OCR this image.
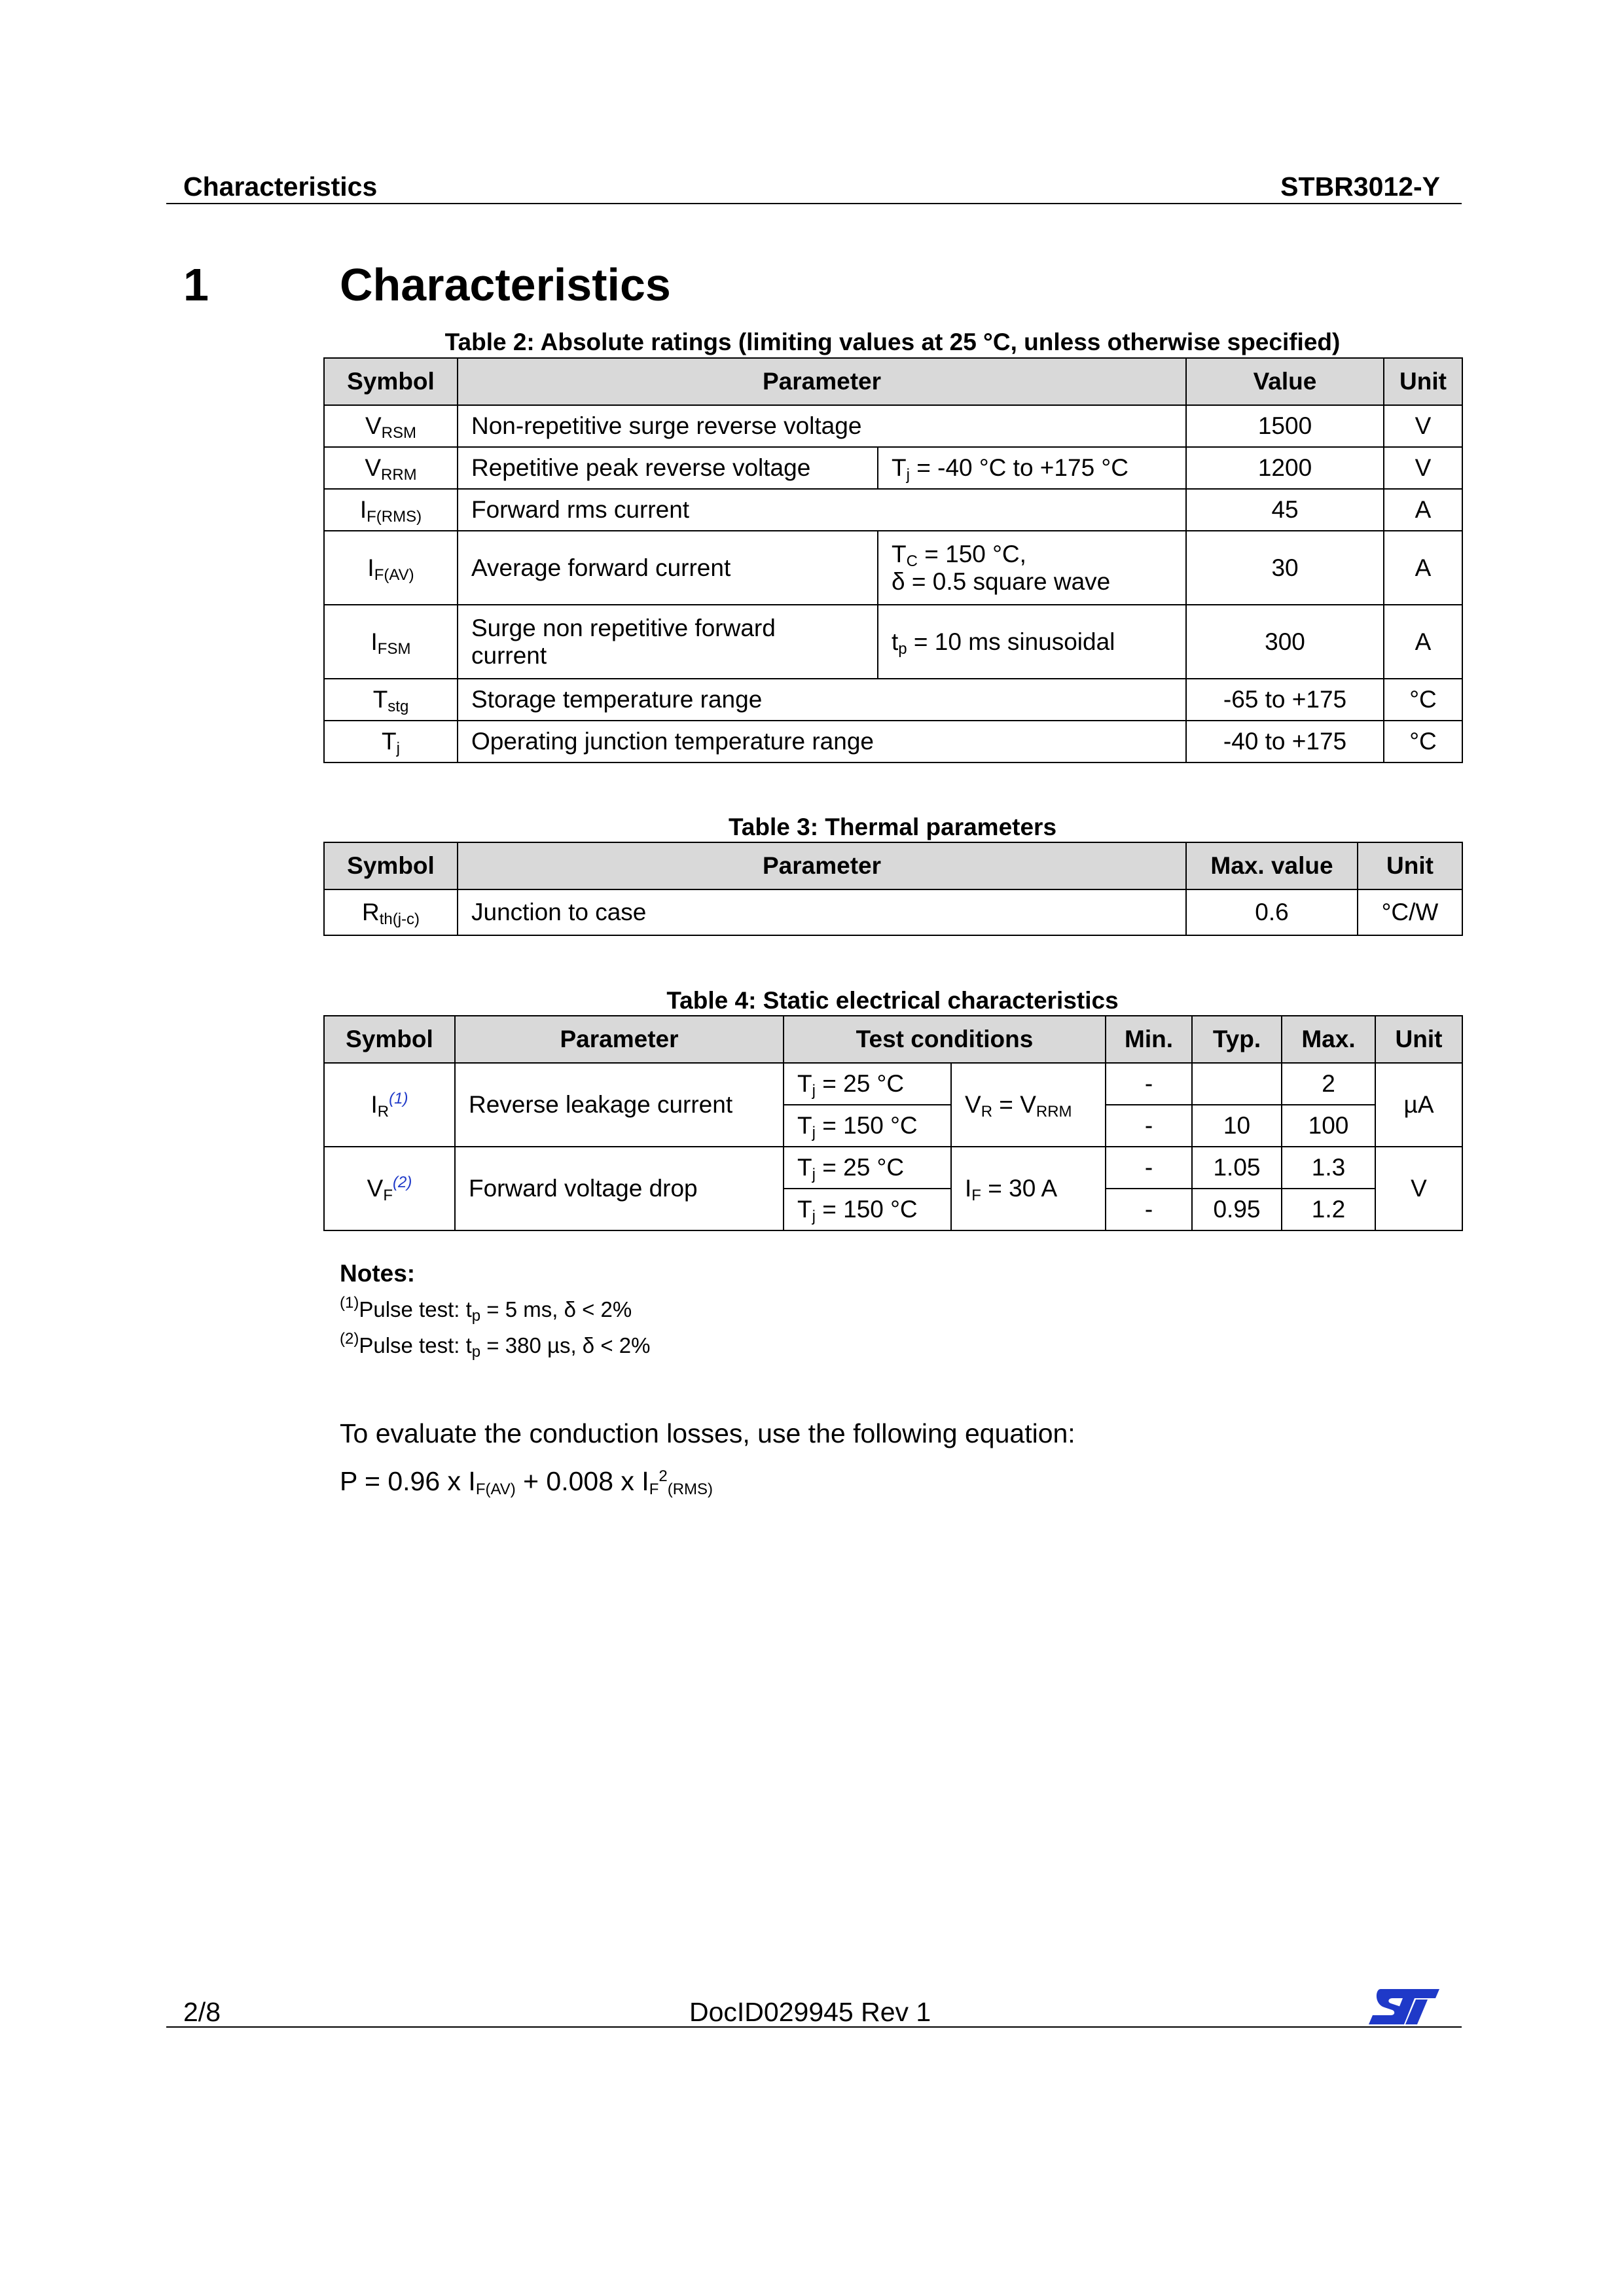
Characteristics	STBR3012-Y
1	Characteristics
Table 2: Absolute ratings (limiting values at 25 °C, unless otherwise specified)
Symbol	Parameter		Value	Unit
$V_{RSM}$	Non-repetitive surge reverse voltage		1500	V
$V_{RRM}$	Repetitive peak reverse voltage	$T_j = -40$ °C to +175 °C	1200	V
$I_{F(RMS)}$	Forward rms current		45	A
$I_{F(AV)}$	Average forward current	$T_C = 150$ °C,
δ = 0.5 square wave	30	A
$I_{FSM}$	Surge non repetitive forward
current	$t_p = 10$ ms sinusoidal	300	A
$T_{stg}$	Storage temperature range		-65 to +175	°C
$T_j$	Operating junction temperature range		-40 to +175	°C
Table 3: Thermal parameters
Symbol	Parameter	Max. value	Unit
$R_{th(j-c)}$	Junction to case	0.6	°C/W
Table 4: Static electrical characteristics
Symbol	Parameter	Test conditions		Min.	Typ.	Max.	Unit
$I_R^{(1)}$	Reverse leakage current	$T_j = 25$ °C	$V_R = V_{RRM}$	-		2	µA
		$T_j = 150$ °C		-	10	100	
$V_F^{(2)}$	Forward voltage drop	$T_j = 25$ °C	$I_F = 30$ A	-	1.05	1.3	V
		$T_j = 150$ °C		-	0.95	1.2	
Notes:
$^{(1)}$Pulse test: $t_p = 5$ ms, δ < 2%
$^{(2)}$Pulse test: $t_p = 380$ µs, δ < 2%
To evaluate the conduction losses, use the following equation:
P = 0.96 x $I_{F(AV)} + 0.008$ x $I_F^2_{(RMS)}$
2/8	DocID029945 Rev 1
